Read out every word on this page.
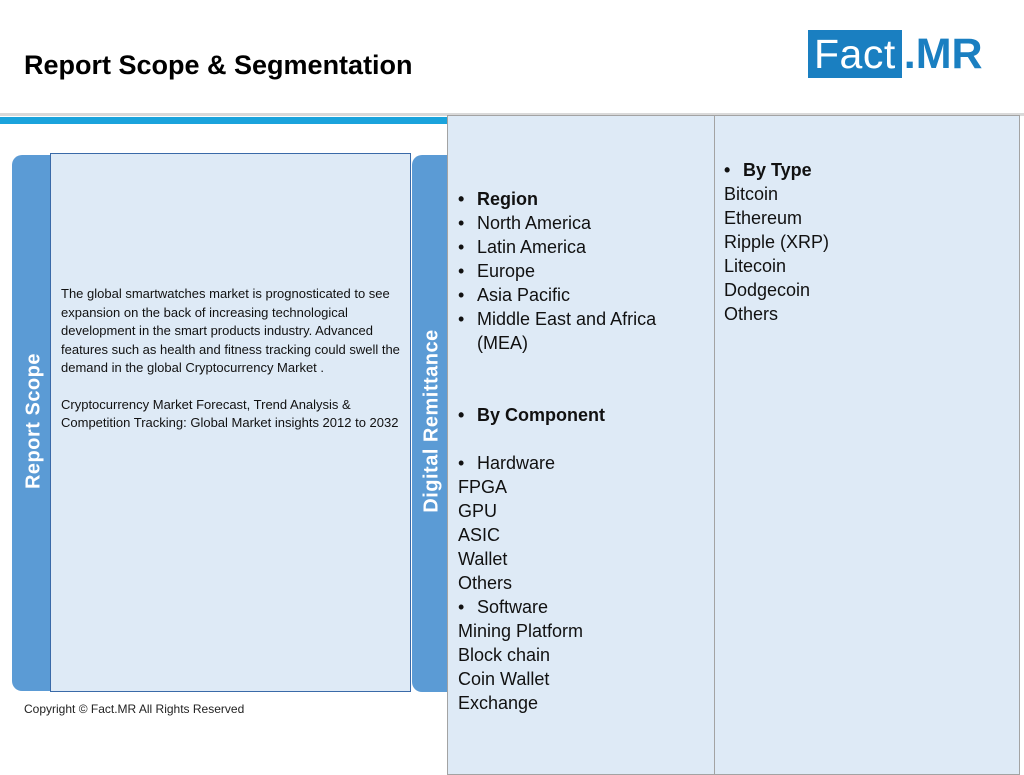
Report Scope & Segmentation	Fact .MR
Report Scope

The global smartwatches market is prognosticated to see expansion on the back of increasing technological development in the smart products industry. Advanced features such as health and fitness tracking could swell the demand in the global Cryptocurrency Market .

Cryptocurrency Market Forecast, Trend Analysis & Competition Tracking: Global Market insights 2012 to 2032	Digital Remittance
• Region
• North America
• Latin America
• Europe
• Asia Pacific
• Middle East and Africa (MEA)
• By Component
• Hardware
FPGA
GPU
ASIC
Wallet
Others
• Software
Mining Platform
Block chain
Coin Wallet
Exchange
• By Type
Bitcoin
Ethereum
Ripple (XRP)
Litecoin
Dodgecoin
Others
Copyright © Fact.MR All Rights Reserved
